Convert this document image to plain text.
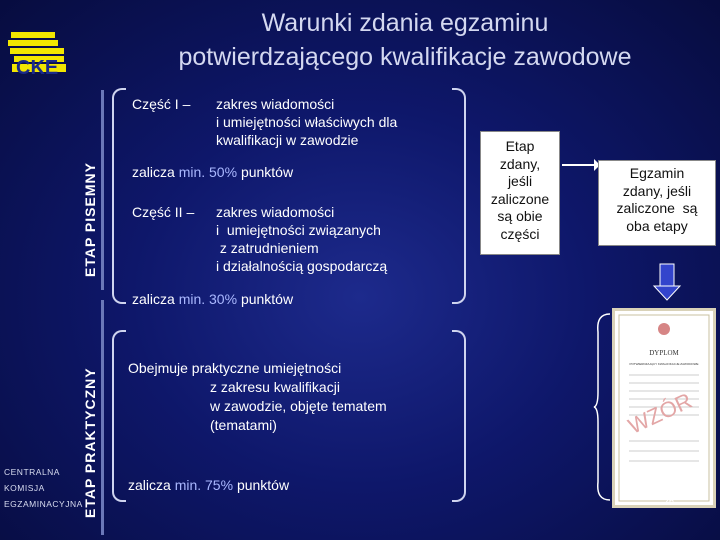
Warunki zdania egzaminu
potwierdzającego kwalifikacje zawodowe
CKE
ETAP PISEMNY
ETAP PRAKTYCZNY
Część I – zakres wiadomości
i umiejętności właściwych dla
kwalifikacji w zawodzie
zalicza min. 50% punktów
Część II – zakres wiadomości
i  umiejętności związanych
z zatrudnieniem
i działalnością gospodarczą
zalicza min. 30% punktów
Obejmuje praktyczne umiejętności
z zakresu kwalifikacji
w zawodzie, objęte tematem
(tematami)
zalicza min. 75% punktów
Etap
zdany,
jeśli
zaliczone
są obie
części
Egzamin
zdany, jeśli
zaliczone  są
oba etapy
DYPLOM
POTWIERDZAJĄCY KWALIFIKACJE ZAWODOWE
WZÓR
CENTRALNA
KOMISJA
EGZAMINACYJNA	26
